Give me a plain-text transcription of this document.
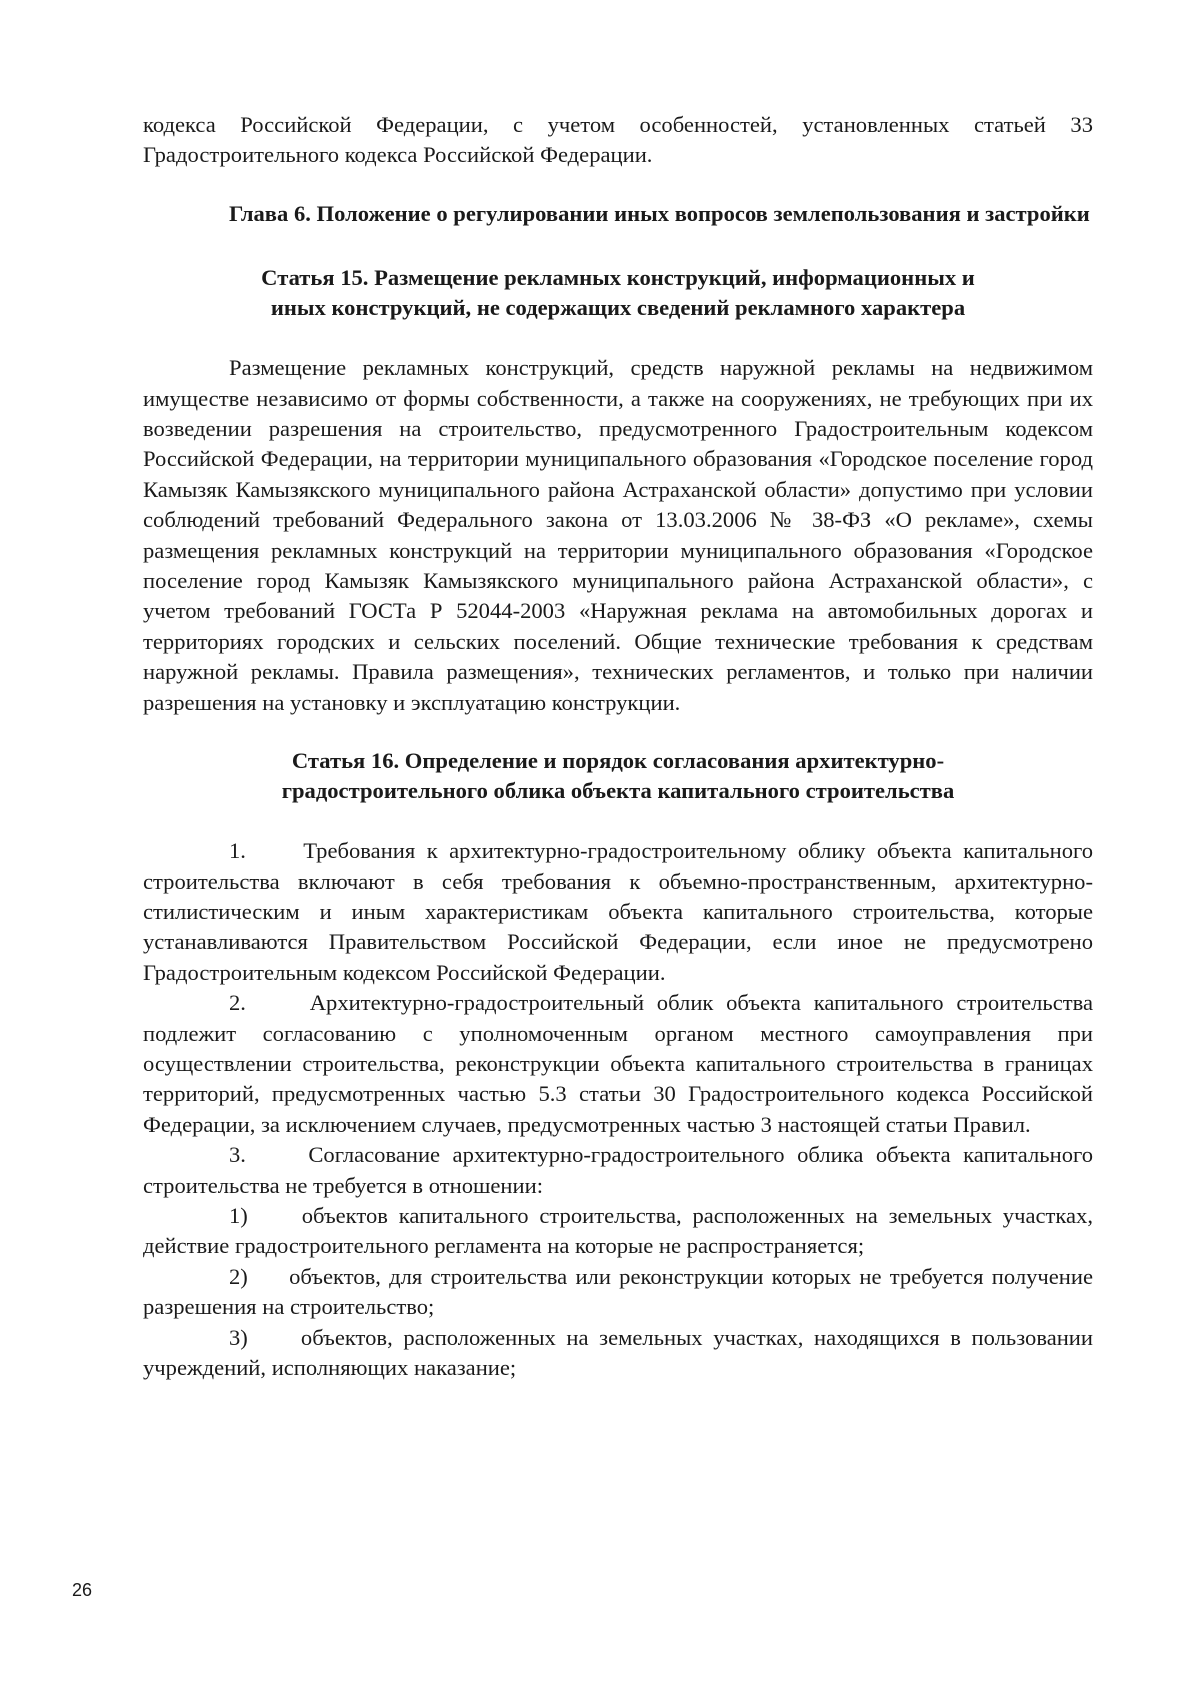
кодекса Российской Федерации, с учетом особенностей, установленных статьей 33 Градостроительного кодекса Российской Федерации.

Глава 6. Положение о регулировании иных вопросов землепользования и застройки

Статья 15. Размещение рекламных конструкций, информационных и
иных конструкций, не содержащих сведений рекламного характера

Размещение рекламных конструкций, средств наружной рекламы на недвижимом имуществе независимо от формы собственности, а также на сооружениях, не требующих при их возведении разрешения на строительство, предусмотренного Градостроительным кодексом Российской Федерации, на территории муниципального образования «Городское поселение город Камызяк Камызякского муниципального района Астраханской области» допустимо при условии соблюдений требований Федерального закона от 13.03.2006 № 38-ФЗ «О рекламе», схемы размещения рекламных конструкций на территории муниципального образования «Городское поселение город Камызяк Камызякского муниципального района Астраханской области», с учетом требований ГОСТа Р 52044-2003 «Наружная реклама на автомобильных дорогах и территориях городских и сельских поселений. Общие технические требования к средствам наружной рекламы. Правила размещения», технических регламентов, и только при наличии разрешения на установку и эксплуатацию конструкции.

Статья 16. Определение и порядок согласования архитектурно-
градостроительного облика объекта капитального строительства

1.     Требования к архитектурно-градостроительному облику объекта капитального строительства включают в себя требования к объемно-пространственным, архитектурно-стилистическим и иным характеристикам объекта капитального строительства, которые устанавливаются Правительством Российской Федерации, если иное не предусмотрено Градостроительным кодексом Российской Федерации.

2.     Архитектурно-градостроительный облик объекта капитального строительства подлежит согласованию с уполномоченным органом местного самоуправления при осуществлении строительства, реконструкции объекта капитального строительства в границах территорий, предусмотренных частью 5.3 статьи 30 Градостроительного кодекса Российской Федерации, за исключением случаев, предусмотренных частью 3 настоящей статьи Правил.

3.     Согласование архитектурно-градостроительного облика объекта капитального строительства не требуется в отношении:

1)     объектов капитального строительства, расположенных на земельных участках, действие градостроительного регламента на которые не распространяется;

2)     объектов, для строительства или реконструкции которых не требуется получение разрешения на строительство;

3)     объектов, расположенных на земельных участках, находящихся в пользовании учреждений, исполняющих наказание;

26
